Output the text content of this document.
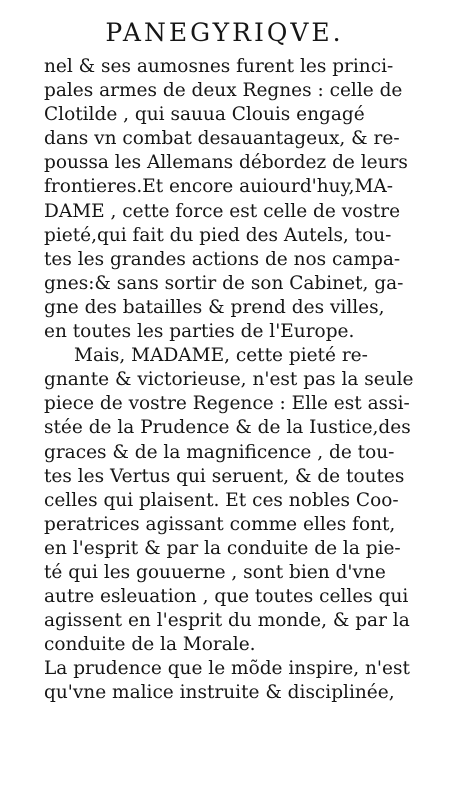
PANEGYRIQVE.
nel & ses aumosnes furent les princi-
pales armes de deux Regnes : celle de
Clotilde , qui sauua Clouis engagé
dans vn combat desauantageux, & re-
poussa les Allemans débordez de leurs
frontieres.Et encore auiourd'huy,MA-
DAME , cette force est celle de vostre
pieté,qui fait du pied des Autels, tou-
tes les grandes actions de nos campa-
gnes:& sans sortir de son Cabinet, ga-
gne des batailles & prend des villes,
en toutes les parties de l'Europe.
Mais, MADAME, cette pieté re-
gnante & victorieuse, n'est pas la seule
piece de vostre Regence : Elle est assi-
stée de la Prudence & de la Iustice,des
graces & de la magnificence , de tou-
tes les Vertus qui seruent, & de toutes
celles qui plaisent. Et ces nobles Coo-
peratrices agissant comme elles font,
en l'esprit & par la conduite de la pie-
té qui les gouuerne , sont bien d'vne
autre esleuation , que toutes celles qui
agissent en l'esprit du monde, & par la
conduite de la Morale.
La prudence que le mõde inspire, n'est
qu'vne malice instruite & disciplinée,
